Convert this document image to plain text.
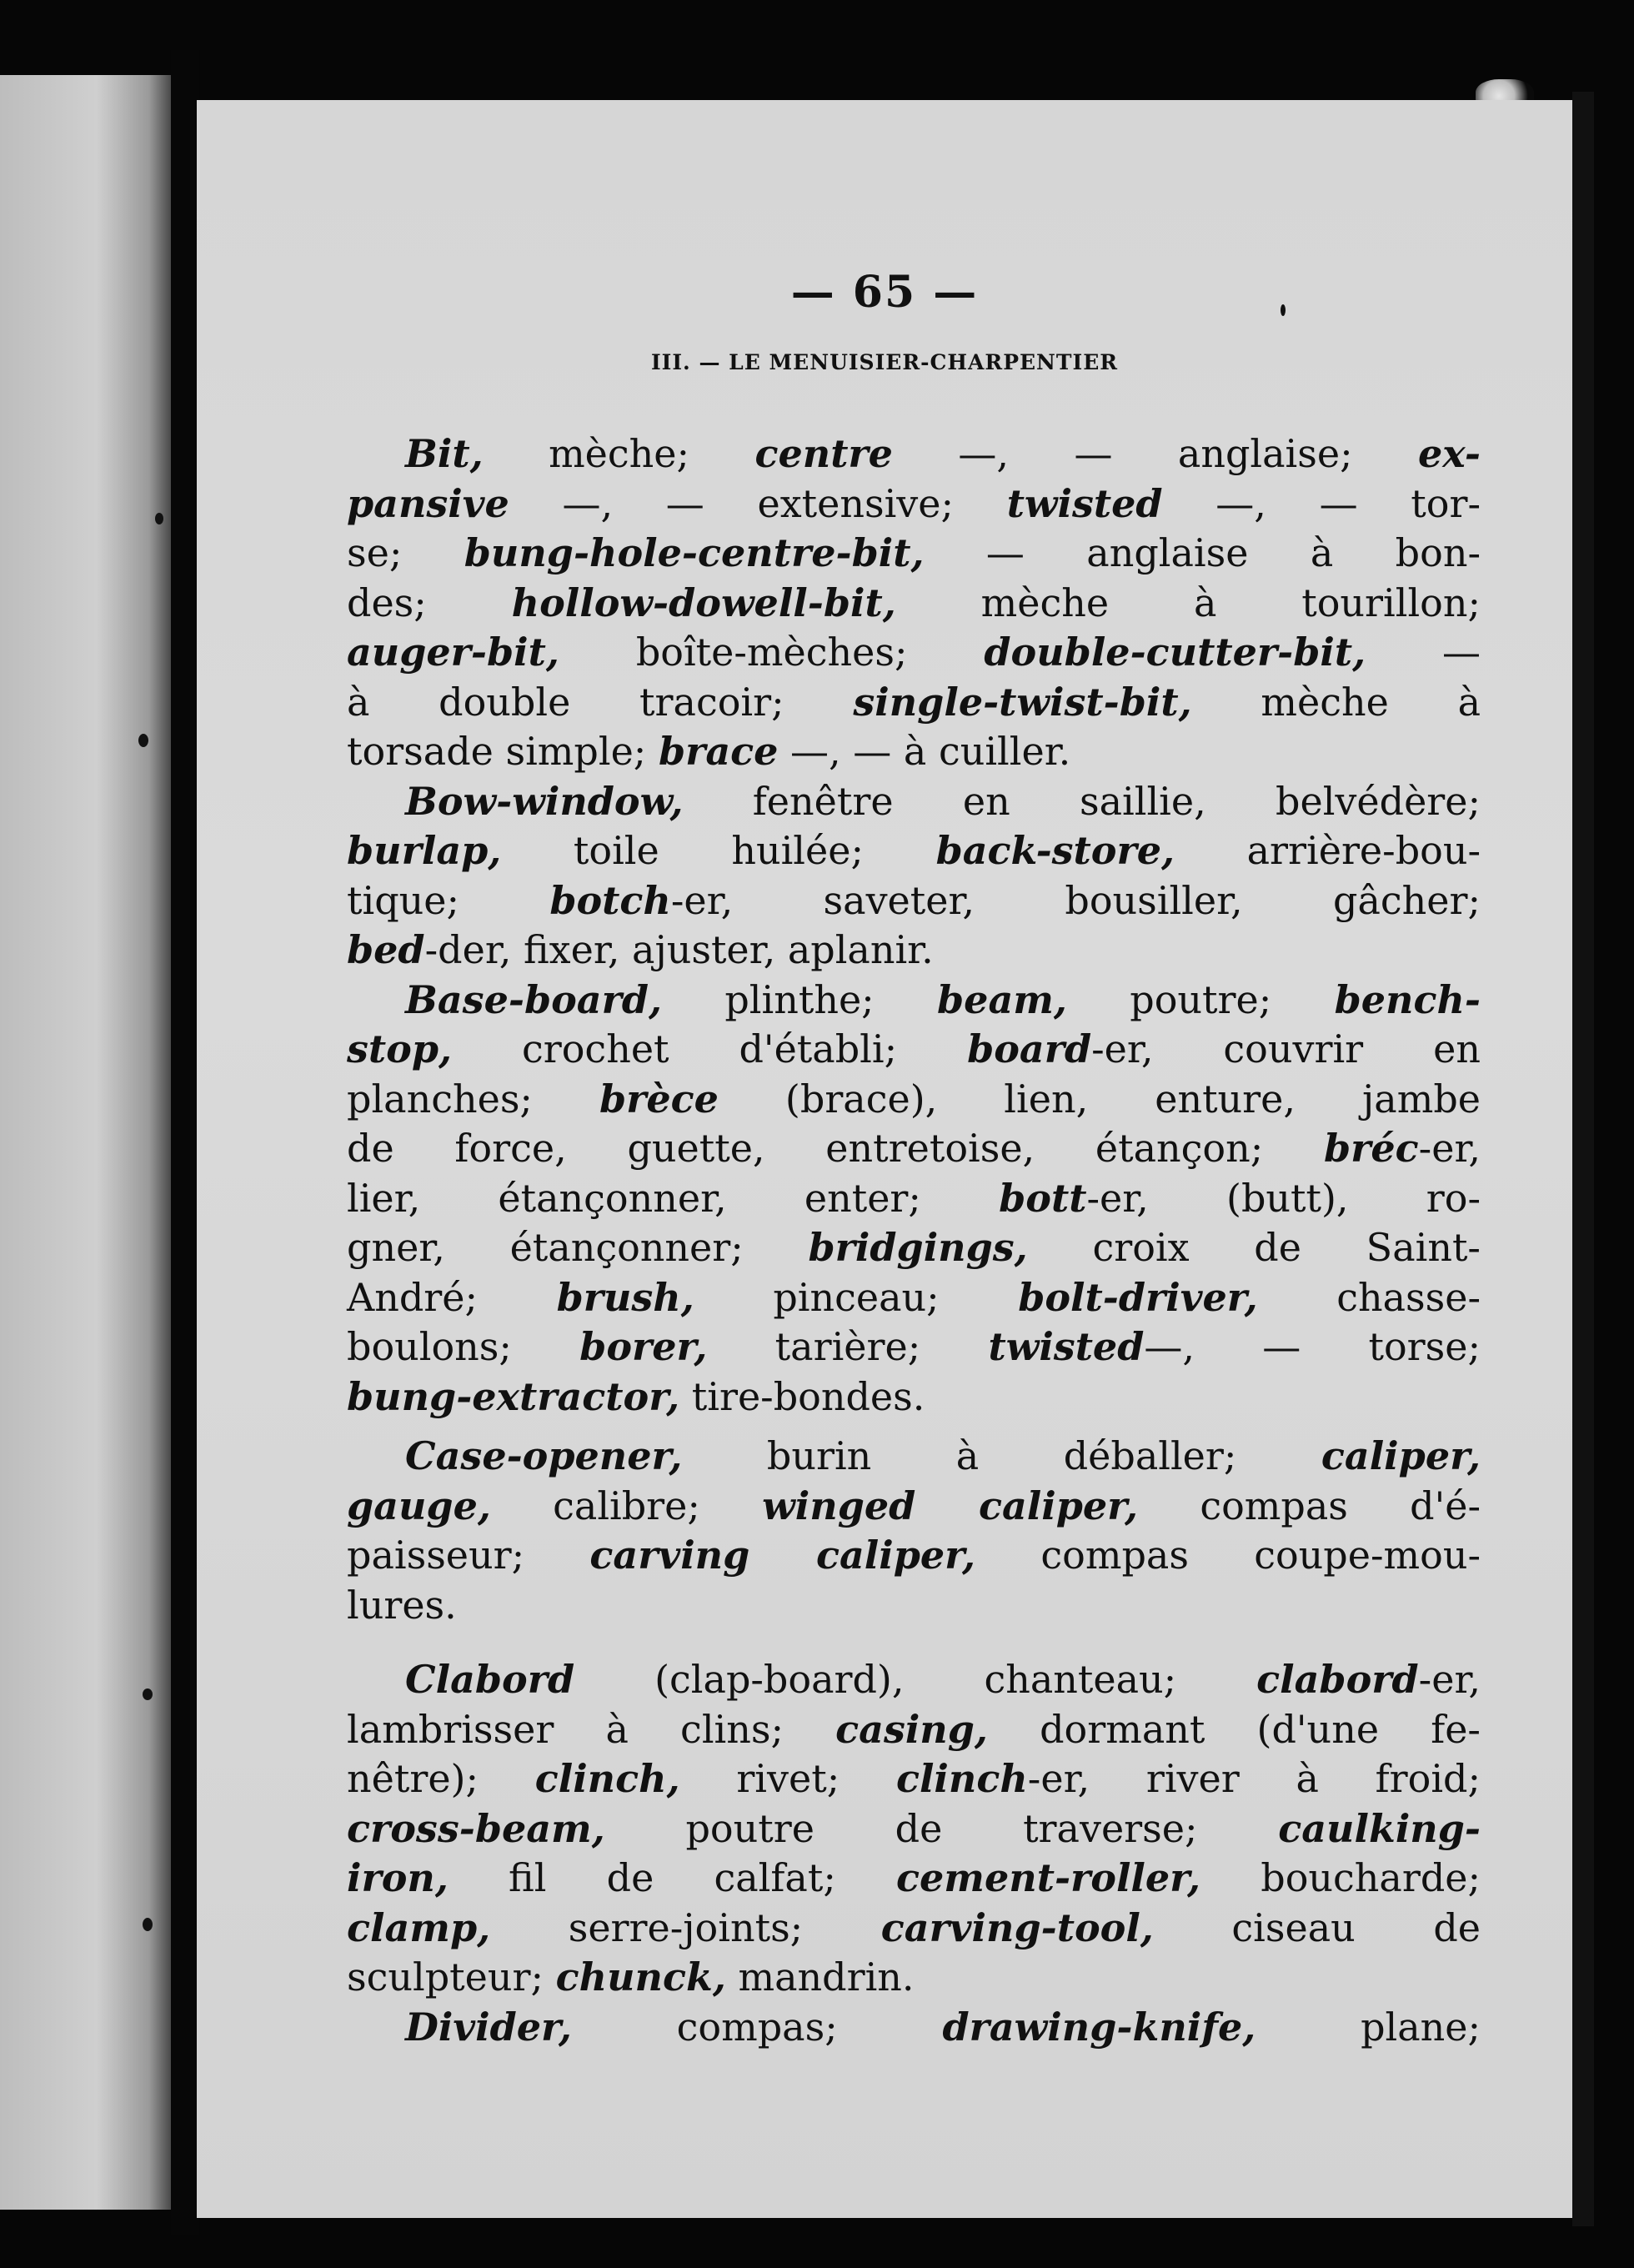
— 65 —
III. — LE MENUISIER-CHARPENTIER
Bit, mèche; centre —, — anglaise; ex-
pansive —, — extensive; twisted —, — tor-
se; bung-hole-centre-bit, — anglaise à bon-
des; hollow-dowell-bit, mèche à tourillon;
auger-bit, boîte-mèches; double-cutter-bit, —
à double tracoir; single-twist-bit, mèche à
torsade simple; brace —, — à cuiller.
Bow-window, fenêtre en saillie, belvédère;
burlap, toile huilée; back-store, arrière-bou-
tique; botch-er, saveter, bousiller, gâcher;
bed-der, fixer, ajuster, aplanir.
Base-board, plinthe; beam, poutre; bench-
stop, crochet d'établi; board-er, couvrir en
planches; brèce (brace), lien, enture, jambe
de force, guette, entretoise, étançon; bréc-er,
lier, étançonner, enter; bott-er, (butt), ro-
gner, étançonner; bridgings, croix de Saint-
André; brush, pinceau; bolt-driver, chasse-
boulons; borer, tarière; twisted—, — torse;
bung-extractor, tire-bondes.
Case-opener, burin à déballer; caliper,
gauge, calibre; winged caliper, compas d'é-
paisseur; carving caliper, compas coupe-mou-
lures.
Clabord (clap-board), chanteau; clabord-er,
lambrisser à clins; casing, dormant (d'une fe-
nêtre); clinch, rivet; clinch-er, river à froid;
cross-beam, poutre de traverse; caulking-
iron, fil de calfat; cement-roller, boucharde;
clamp, serre-joints; carving-tool, ciseau de
sculpteur; chunck, mandrin.
Divider, compas; drawing-knife, plane;
